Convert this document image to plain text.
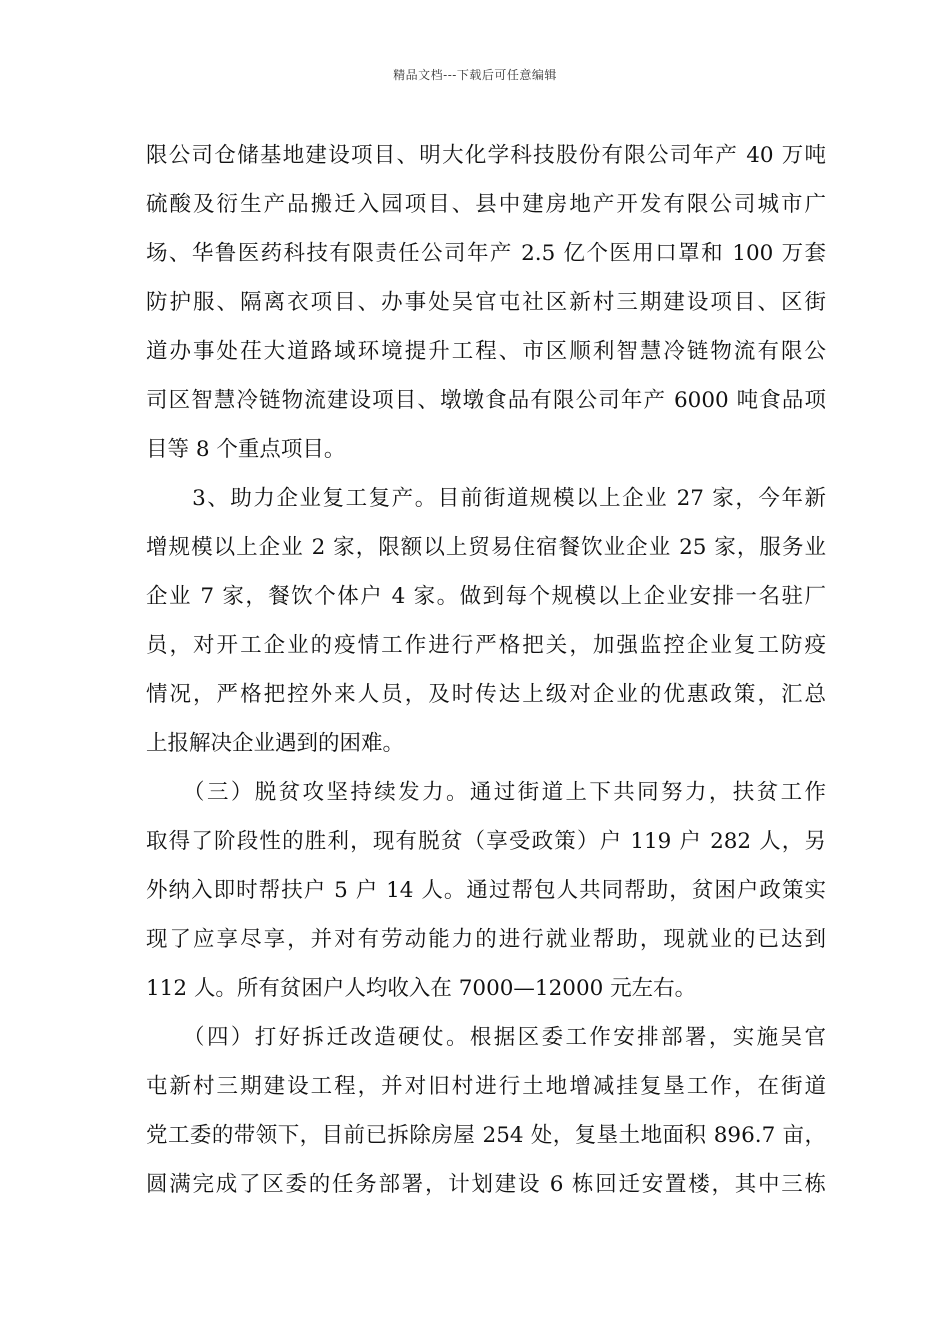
精品文档---下载后可任意编辑
限公司仓储基地建设项目、明大化学科技股份有限公司年产 40 万吨
硫酸及衍生产品搬迁入园项目、县中建房地产开发有限公司城市广
场、华鲁医药科技有限责任公司年产 2.5 亿个医用口罩和 100 万套
防护服、隔离衣项目、办事处吴官屯社区新村三期建设项目、区街
道办事处茌大道路域环境提升工程、市区顺利智慧冷链物流有限公
司区智慧冷链物流建设项目、墩墩食品有限公司年产 6000 吨食品项
目等 8 个重点项目。
　　3、助力企业复工复产。目前街道规模以上企业 27 家，今年新
增规模以上企业 2 家，限额以上贸易住宿餐饮业企业 25 家，服务业
企业 7 家，餐饮个体户 4 家。做到每个规模以上企业安排一名驻厂
员，对开工企业的疫情工作进行严格把关，加强监控企业复工防疫
情况，严格把控外来人员，及时传达上级对企业的优惠政策，汇总
上报解决企业遇到的困难。
　　（三）脱贫攻坚持续发力。通过街道上下共同努力，扶贫工作
取得了阶段性的胜利，现有脱贫（享受政策）户 119 户 282 人，另
外纳入即时帮扶户 5 户 14 人。通过帮包人共同帮助，贫困户政策实
现了应享尽享，并对有劳动能力的进行就业帮助，现就业的已达到
112 人。所有贫困户人均收入在 7000—12000 元左右。
　　（四）打好拆迁改造硬仗。根据区委工作安排部署，实施吴官
屯新村三期建设工程，并对旧村进行土地增减挂复垦工作，在街道
党工委的带领下，目前已拆除房屋 254 处，复垦土地面积 896.7 亩，
圆满完成了区委的任务部署，计划建设 6 栋回迁安置楼，其中三栋
